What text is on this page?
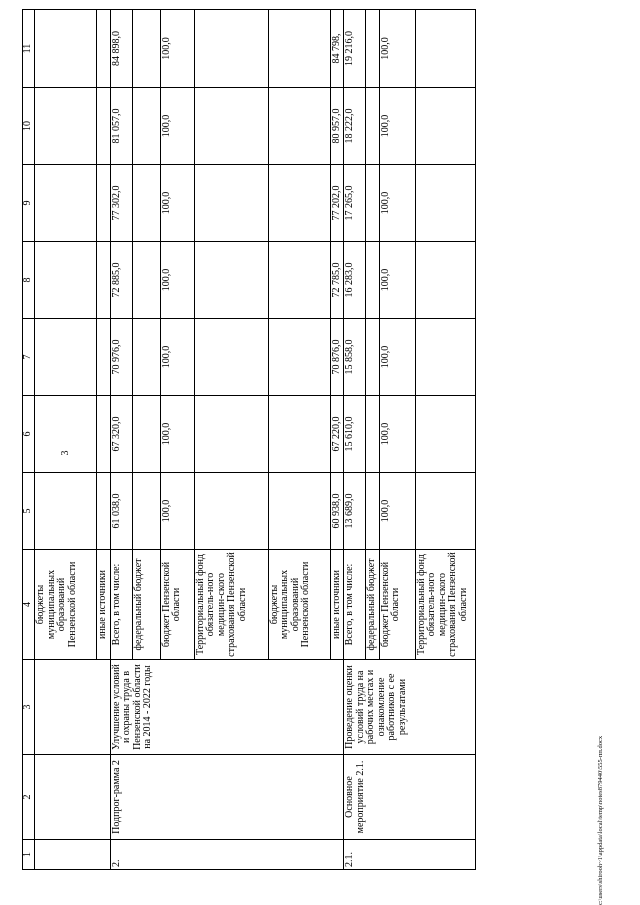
3
1	2	3	4	5	6	7	8	9	10	11
			бюджеты муниципальных образований Пензенской области							
			иные источники							
2.	Подпрог-рамма 2	Улучшение условий и охраны труда в Пензенской области на 2014 - 2022 годы	Всего, в том числе:	61 038,0	67 320,0	70 976,0	72 885,0	77 302,0	81 057,0	84 898,0
			федеральный бюджет							
			бюджет Пензенской области	100,0	100,0	100,0	100,0	100,0	100,0	100,0
			Территориальный фонд обязатель-ного медицин-ского страхования Пензенской области							
			бюджеты муниципальных образований Пензенской области							
			иные источники	60 938,0	67 220,0	70 876,0	72 785,0	77 202,0	80 957,0	84 798,
2.1.	Основное мероприятие 2.1.	Проведение оценки условий труда на рабочих местах и ознакомление работников с ее результатами	Всего, в том числе:	13 689,0	15 610,0	15 858,0	16 283,0	17 265,0	18 222,0	19 216,0
			федеральный бюджет							
			бюджет Пензенской области	100,0	100,0	100,0	100,0	100,0	100,0	100,0
			Территориальный фонд обязатель-ного медицин-ского страхования Пензенской области							
c:\users\shirooh~1\appdata\local\temp\notes879440\555-пп.docx
